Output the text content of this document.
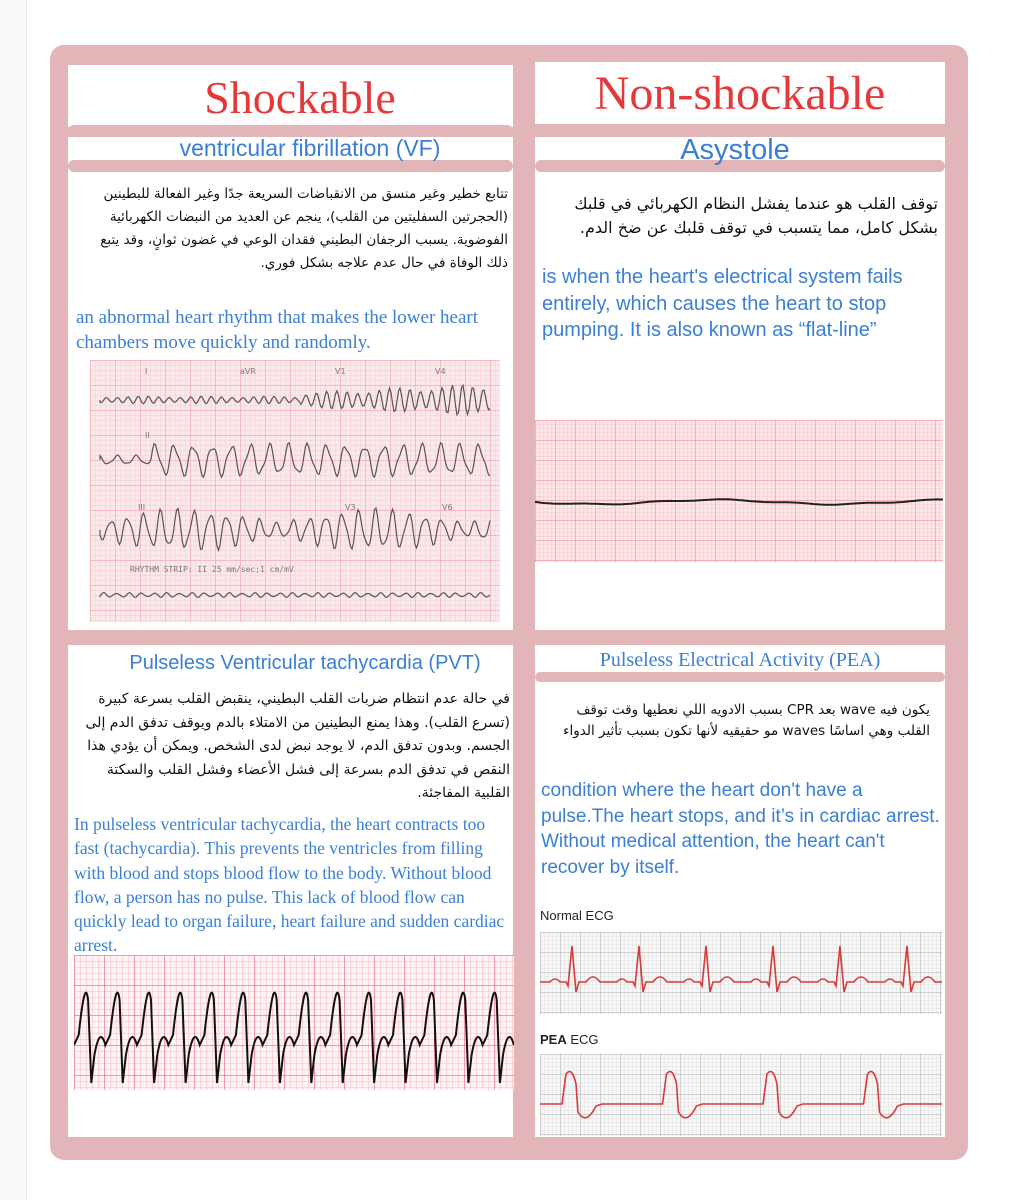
Shockable	Non-shockable
ventricular fibrillation (VF)
تتابع خطير وغير منسق من الانقباضات السريعة جدًا وغير الفعالة للبطينين (الحجرتين السفليتين من القلب)، ينجم عن العديد من النبضات الكهربائية الفوضوية. يسبب الرجفان البطيني فقدان الوعي في غضون ثوانٍ، وقد يتبع ذلك الوفاة في حال عدم علاجه بشكل فوري.
an abnormal heart rhythm that makes the lower heart chambers move quickly and randomly.
I	aVR	V1	V4
II
III	V3	V6
RHYTHM STRIP: II 25 mm/sec;1 cm/mV
Asystole
توقف القلب هو عندما يفشل النظام الكهربائي في قلبك بشكل كامل، مما يتسبب في توقف قلبك عن ضخ الدم.
is when the heart's electrical system fails entirely, which causes the heart to stop pumping. It is also known as “flat-line”
Pulseless Ventricular tachycardia (PVT)
في حالة عدم انتظام ضربات القلب البطيني، ينقبض القلب بسرعة كبيرة (تسرع القلب). وهذا يمنع البطينين من الامتلاء بالدم ويوقف تدفق الدم إلى الجسم. وبدون تدفق الدم، لا يوجد نبض لدى الشخص. ويمكن أن يؤدي هذا النقص في تدفق الدم بسرعة إلى فشل الأعضاء وفشل القلب والسكتة القلبية المفاجئة.
In pulseless ventricular tachycardia, the heart contracts too fast (tachycardia). This prevents the ventricles from filling with blood and stops blood flow to the body. Without blood flow, a person has no pulse. This lack of blood flow can quickly lead to organ failure, heart failure and sudden cardiac arrest.
Pulseless Electrical Activity (PEA)
يكون فيه wave بعد CPR بسبب الادويه اللي نعطيها وقت توقف القلب وهي اساسًا waves مو حقيقيه لأنها تكون بسبب تأثير الدواء
condition where the heart don't have a pulse.The heart stops, and it’s in cardiac arrest. Without medical attention, the heart can't recover by itself.
Normal ECG
PEA ECG
